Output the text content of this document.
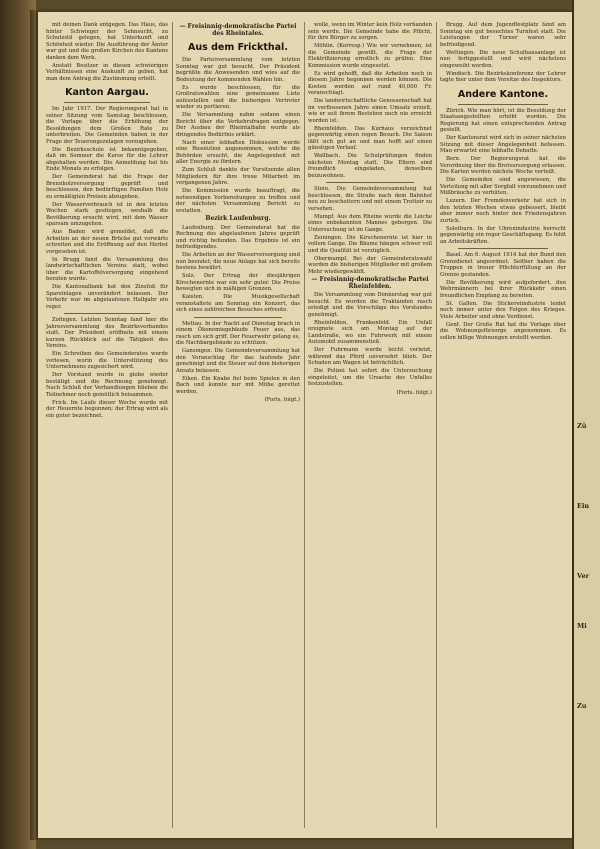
mit deinen Dank entgegen. Das Haus, das hinter Schwieger der Sehnsucht, zu Schutzstil gelegen, hat Unterkunft und Schönheit wieder. Die Ausführung der Ämter war gut und die großen Kirchen des Kantons danken dem Werk.

Anstatt Besitzer in diesen schwierigen Verhältnissen eine Auskunft zu geben, hat man dem Antrag die Zustimmung erteilt.

Kanton Aargau.

Im Jahr 1917. Der Regierungsrat hat in seiner Sitzung vom Samstag beschlossen, die Vorlage über die Erhöhung der Besoldungen dem Großen Rate zu unterbreiten. Die Gemeinden haben in der Frage der Teuerungszulagen vorzugehen.

Die Bezirksschule ist bekanntgegeben, daß im Sommer die Kurse für die Lehrer abgehalten werden. Die Anmeldung hat bis Ende Monats zu erfolgen.

Der Gemeinderat hat die Frage der Brennholzversorgung geprüft und beschlossen, den bedürftigen Familien Holz zu ermäßigten Preisen abzugeben.

Der Wasserverbrauch ist in den letzten Wochen stark gestiegen, weshalb die Bevölkerung ersucht wird, mit dem Wasser sparsam umzugehen.

Aus Baden wird gemeldet, daß die Arbeiten an der neuen Brücke gut vorwärts schreiten und die Eröffnung auf den Herbst vorgesehen ist.

In Brugg fand die Versammlung des landwirtschaftlichen Vereins statt, wobei über die Kartoffelversorgung eingehend beraten wurde.

Die Kantonalbank hat den Zinsfuß für Spareinlagen unverändert belassen. Der Verkehr war im abgelaufenen Halbjahr ein reger.

Zofingen. Letzten Sonntag fand hier die Jahresversammlung des Bezirksverbandes statt. Der Präsident eröffnete mit einem kurzen Rückblick auf die Tätigkeit des Vereins.

Ein Schreiben des Gemeinderates wurde verlesen, worin die Unterstützung des Unternehmens zugesichert wird.

Der Vorstand wurde in globo wieder bestätigt und die Rechnung genehmigt. Nach Schluß der Verhandlungen blieben die Teilnehmer noch gemütlich beisammen.

Frick. Im Laufe dieser Woche wurde mit der Heuernte begonnen; der Ertrag wird als ein guter bezeichnet.

— Freisinnig-demokratische Partei des Rheintales.
Aus dem Frickthal.

Die Parteiversammlung vom letzten Sonntag war gut besucht. Der Präsident begrüßte die Anwesenden und wies auf die Bedeutung der kommenden Wahlen hin.

Es wurde beschlossen, für die Großratswahlen eine gemeinsame Liste aufzustellen und die bisherigen Vertreter wieder zu portieren.

Die Versammlung nahm sodann einen Bericht über die Verkehrsfragen entgegen. Der Ausbau der Rheintalbahn wurde als dringendes Bedürfnis erklärt.

Nach einer lebhaften Diskussion wurde eine Resolution angenommen, welche die Behörden ersucht, die Angelegenheit mit aller Energie zu fördern.

Zum Schluß dankte der Vorsitzende allen Mitgliedern für ihre treue Mitarbeit im vergangenen Jahre.

Die Kommission wurde beauftragt, die notwendigen Vorbereitungen zu treffen und der nächsten Versammlung Bericht zu erstatten.

Bezirk Laufenburg.

Laufenburg. Der Gemeinderat hat die Rechnung des abgelaufenen Jahres geprüft und richtig befunden. Das Ergebnis ist ein befriedigendes.

Die Arbeiten an der Wasserversorgung sind nun beendet; die neue Anlage hat sich bereits bestens bewährt.

Sulz. Der Ertrag der diesjährigen Kirschenernte war ein sehr guter. Die Preise bewegten sich in mäßigen Grenzen.

Kaisten. Die Musikgesellschaft veranstaltete am Sonntag ein Konzert, das sich eines zahlreichen Besuches erfreute.

Mettau. In der Nacht auf Dienstag brach in einem Ökonomiegebäude Feuer aus, das rasch um sich griff. Der Feuerwehr gelang es, die Nachbargebäude zu schützen.

Gansingen. Die Gemeindeversammlung hat den Voranschlag für das laufende Jahr genehmigt und die Steuer auf dem bisherigen Ansatz belassen.

Eiken. Ein Knabe fiel beim Spielen in den Bach und konnte nur mit Mühe gerettet werden.

(Forts. folgt.)

wolle, wenn im Winter kein Holz vorhanden sein werde. Die Gemeinde habe die Pflicht, für ihre Bürger zu sorgen.

Möhlin. (Korresp.) Wie wir vernehmen, ist die Gemeinde gewillt, die Frage der Elektrifizierung ernstlich zu prüfen. Eine Kommission wurde eingesetzt.

Es wird gehofft, daß die Arbeiten noch in diesem Jahre begonnen werden können. Die Kosten werden auf rund 40,000 Fr. veranschlagt.

Die landwirtschaftliche Genossenschaft hat im verflossenen Jahre einen Umsatz erzielt, wie er seit ihrem Bestehen noch nie erreicht worden ist.

Rheinfelden. Das Kurhaus verzeichnet gegenwärtig einen regen Besuch. Die Saison läßt sich gut an und man hofft auf einen günstigen Verlauf.

Wallbach. Die Schulprüfungen finden nächsten Montag statt. Die Eltern sind freundlich eingeladen, denselben beizuwohnen.

Stein. Die Gemeindeversammlung hat beschlossen, die Straße nach dem Bahnhof neu zu beschottern und mit einem Trottoir zu versehen.

Mumpf. Aus dem Rheine wurde die Leiche eines unbekannten Mannes geborgen. Die Untersuchung ist im Gange.

Zeiningen. Die Kirschenernte ist hier in vollem Gange. Die Bäume hängen schwer voll und die Qualität ist vorzüglich.

Obermumpf. Bei der Gemeinderatswahl wurden die bisherigen Mitglieder mit großem Mehr wiedergewählt.

— Freisinnig-demokratische Partei Rheinfelden.

Die Versammlung vom Donnerstag war gut besucht. Es wurden die Traktanden rasch erledigt und die Vorschläge des Vorstandes genehmigt.

Rheinfelden, Frankenfeld. Ein Unfall ereignete sich am Montag auf der Landstraße, wo ein Fuhrwerk mit einem Automobil zusammenstieß.

Der Fuhrmann wurde leicht verletzt, während das Pferd unversehrt blieb. Der Schaden am Wagen ist beträchtlich.

Die Polizei hat sofort die Untersuchung eingeleitet, um die Ursache des Unfalles festzustellen.

(Forts. folgt.)

Brugg. Auf dem Jugendfestplatz fand am Sonntag ein gut besuchtes Turnfest statt. Die Leistungen der Turner waren sehr befriedigend.

Wettingen. Die neue Schulhausanlage ist nun fertiggestellt und wird nächstens eingeweiht werden.

Windisch. Die Bezirkskonferenz der Lehrer tagte hier unter dem Vorsitze des Inspektors.

Andere Kantone.

Zürich. Wie man hört, ist die Besoldung der Staatsangestellten erhöht worden. Die Regierung hat einen entsprechenden Antrag gestellt.

Der Kantonsrat wird sich in seiner nächsten Sitzung mit dieser Angelegenheit befassen. Man erwartet eine lebhafte Debatte.

Bern. Der Regierungsrat hat die Verordnung über die Brotversorgung erlassen. Die Karten werden nächste Woche verteilt.

Die Gemeinden sind angewiesen, die Verteilung mit aller Sorgfalt vorzunehmen und Mißbräuche zu verhüten.

Luzern. Der Fremdenverkehr hat sich in den letzten Wochen etwas gebessert, bleibt aber immer noch hinter den Friedensjahren zurück.

Solothurn. In der Uhrenindustrie herrscht gegenwärtig ein reger Geschäftsgang. Es fehlt an Arbeitskräften.

Basel. Am 6. August 1914 hat der Bund den Grenzdienst angeordnet. Seither haben die Truppen in treuer Pflichterfüllung an der Grenze gestanden.

Die Bevölkerung wird aufgefordert, den Wehrmännern bei ihrer Rückkehr einen freundlichen Empfang zu bereiten.

St. Gallen. Die Stickereiindustrie leidet noch immer unter den Folgen des Krieges. Viele Arbeiter sind ohne Verdienst.

Genf. Der Große Rat hat die Vorlage über die Wohnungsfürsorge angenommen. Es sollen billige Wohnungen erstellt werden.

Zü
Ein
Ver
Mi
Zu
